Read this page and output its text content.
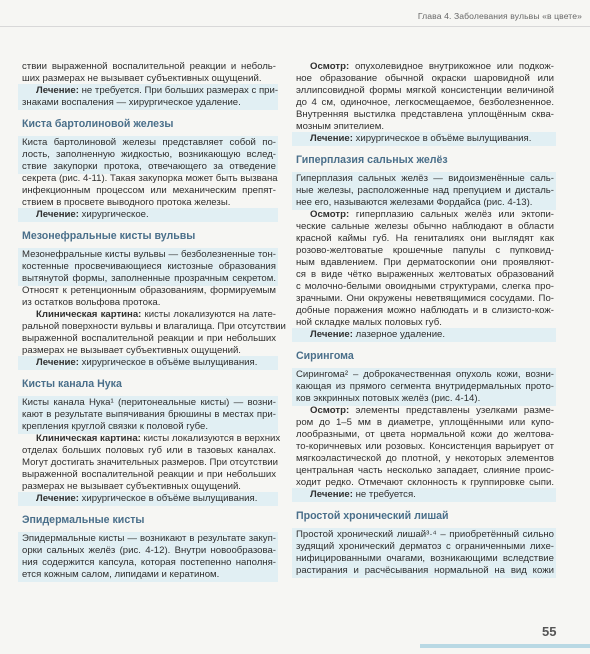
Глава 4. Заболевания вульвы «в цвете»
ствии выраженной воспалительной реакции и неболь-
ших размерах не вызывает субъективных ощущений.
Лечение: не требуется. При больших размерах с при-
знаками воспаления — хирургическое удаление.
Киста бартолиновой железы
Киста бартолиновой железы представляет собой по-
лость, заполненную жидкостью, возникающую вслед-
ствие закупорки протока, отвечающего за отведение
секрета (рис. 4-11). Такая закупорка может быть вызвана
инфекционным процессом или механическим препят-
ствием в просвете выводного протока железы.
Лечение: хирургическое.
Мезонефральные кисты вульвы
Мезонефральные кисты вульвы — безболезненные тон-
костенные просвечивающиеся кистозные образования
вытянутой формы, заполненные прозрачным секретом.
Относят к ретенционным образованиям, формируемым
из остатков вольфова протока.
Клиническая картина: кисты локализуются на лате-
ральной поверхности вульвы и влагалища. При отсутствии
выраженной воспалительной реакции и при небольших
размерах не вызывает субъективных ощущений.
Лечение: хирургическое в объёме вылущивания.
Кисты канала Нука
Кисты канала Нука¹ (перитонеальные кисты) — возни-
кают в результате выпячивания брюшины в местах при-
крепления круглой связки к половой губе.
Клиническая картина: кисты локализуются в верхних
отделах больших половых губ или в тазовых каналах.
Могут достигать значительных размеров. При отсутствии
выраженной воспалительной реакции и при небольших
размерах не вызывает субъективных ощущений.
Лечение: хирургическое в объёме вылущивания.
Эпидермальные кисты
Эпидермальные кисты — возникают в результате закуп-
орки сальных желёз (рис. 4-12). Внутри новообразова-
ния содержится капсула, которая постепенно наполня-
ется кожным салом, липидами и кератином.
Осмотр: опухолевидное внутрикожное или подкож-
ное образование обычной окраски шаровидной или
эллипсовидной формы мягкой консистенции величиной
до 4 см, одиночное, легкосмещаемое, безболезненное.
Внутренняя выстилка представлена уплощённым сква-
мозным эпителием.
Лечение: хирургическое в объёме вылущивания.
Гиперплазия сальных желёз
Гиперплазия сальных желёз — видоизменённые саль-
ные железы, расположенные над препуцием и дисталь-
нее его, называются железами Фордайса (рис. 4-13).
Осмотр: гиперплазию сальных желёз или эктопи-
ческие сальные железы обычно наблюдают в области
красной каймы губ. На гениталиях они выглядят как
розово-желтоватые крошечные папулы с пупковид-
ным вдавлением. При дерматоскопии они проявляют-
ся в виде чётко выраженных желтоватых образований
с молочно-белыми овоидными структурами, слегка про-
зрачными. Они окружены неветвящимися сосудами. По-
добные поражения можно наблюдать и в слизисто-кож-
ной складке малых половых губ.
Лечение: лазерное удаление.
Сирингома
Сирингома² – доброкачественная опухоль кожи, возни-
кающая из прямого сегмента внутридермальных прото-
ков эккринных потовых желёз (рис. 4-14).
Осмотр: элементы представлены узелками разме-
ром до 1–5 мм в диаметре, уплощёнными или купо-
лообразными, от цвета нормальной кожи до желтова-
то-коричневых или розовых. Консистенция варьирует от
мягкоэластической до плотной, у некоторых элементов
центральная часть несколько западает, слияние проис-
ходит редко. Отмечают склонность к группировке сыпи.
Лечение: не требуется.
Простой хронический лишай
Простой хронический лишай³·⁴ – приобретённый сильно
зудящий хронический дерматоз с ограниченными лихе-
нифицированными очагами, возникающими вследствие
растирания и расчёсывания нормальной на вид кожи
55
